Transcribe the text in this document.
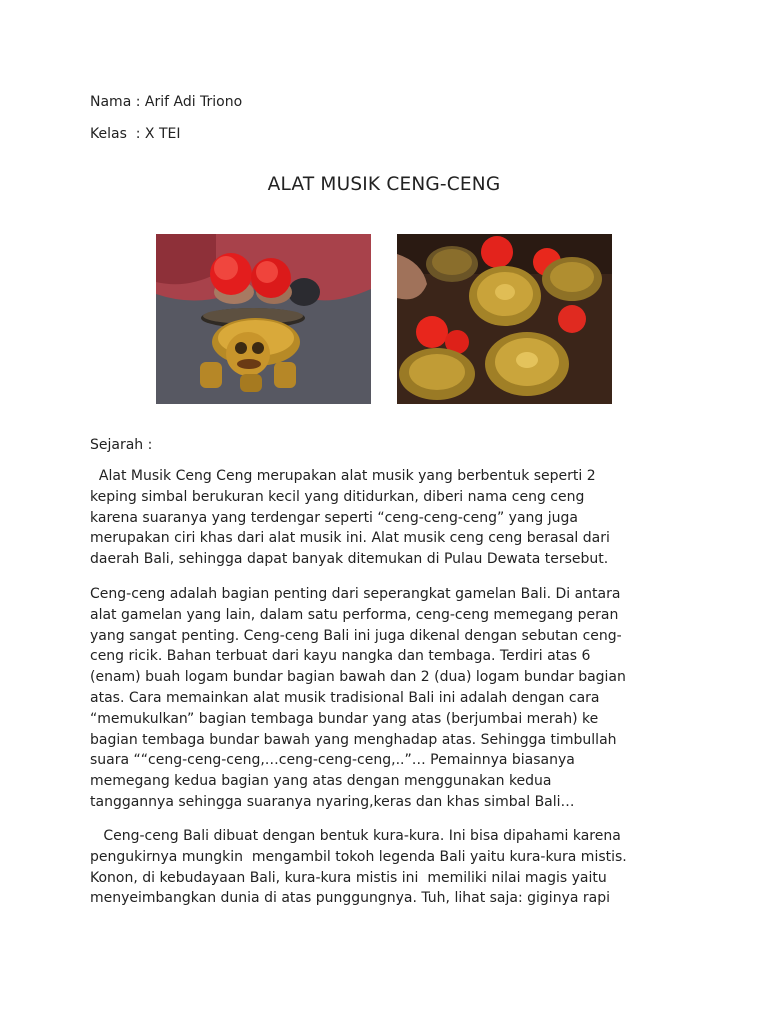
Nama : Arif Adi Triono
Kelas  : X TEI
ALAT MUSIK CENG-CENG
Sejarah :

Alat Musik Ceng Ceng merupakan alat musik yang berbentuk seperti 2
keping simbal berukuran kecil yang ditidurkan, diberi nama ceng ceng
karena suaranya yang terdengar seperti “ceng-ceng-ceng” yang juga
merupakan ciri khas dari alat musik ini. Alat musik ceng ceng berasal dari
daerah Bali, sehingga dapat banyak ditemukan di Pulau Dewata tersebut.

Ceng-ceng adalah bagian penting dari seperangkat gamelan Bali. Di antara
alat gamelan yang lain, dalam satu performa, ceng-ceng memegang peran
yang sangat penting. Ceng-ceng Bali ini juga dikenal dengan sebutan ceng-
ceng ricik. Bahan terbuat dari kayu nangka dan tembaga. Terdiri atas 6
(enam) buah logam bundar bagian bawah dan 2 (dua) logam bundar bagian
atas. Cara memainkan alat musik tradisional Bali ini adalah dengan cara
“memukulkan” bagian tembaga bundar yang atas (berjumbai merah) ke
bagian tembaga bundar bawah yang menghadap atas. Sehingga timbullah
suara ““ceng-ceng-ceng,…ceng-ceng-ceng,..”… Pemainnya biasanya
memegang kedua bagian yang atas dengan menggunakan kedua
tanggannya sehingga suaranya nyaring,keras dan khas simbal Bali…

Ceng-ceng Bali dibuat dengan bentuk kura-kura. Ini bisa dipahami karena
pengukirnya mungkin  mengambil tokoh legenda Bali yaitu kura-kura mistis.
Konon, di kebudayaan Bali, kura-kura mistis ini  memiliki nilai magis yaitu
menyeimbangkan dunia di atas punggungnya. Tuh, lihat saja: giginya rapi
